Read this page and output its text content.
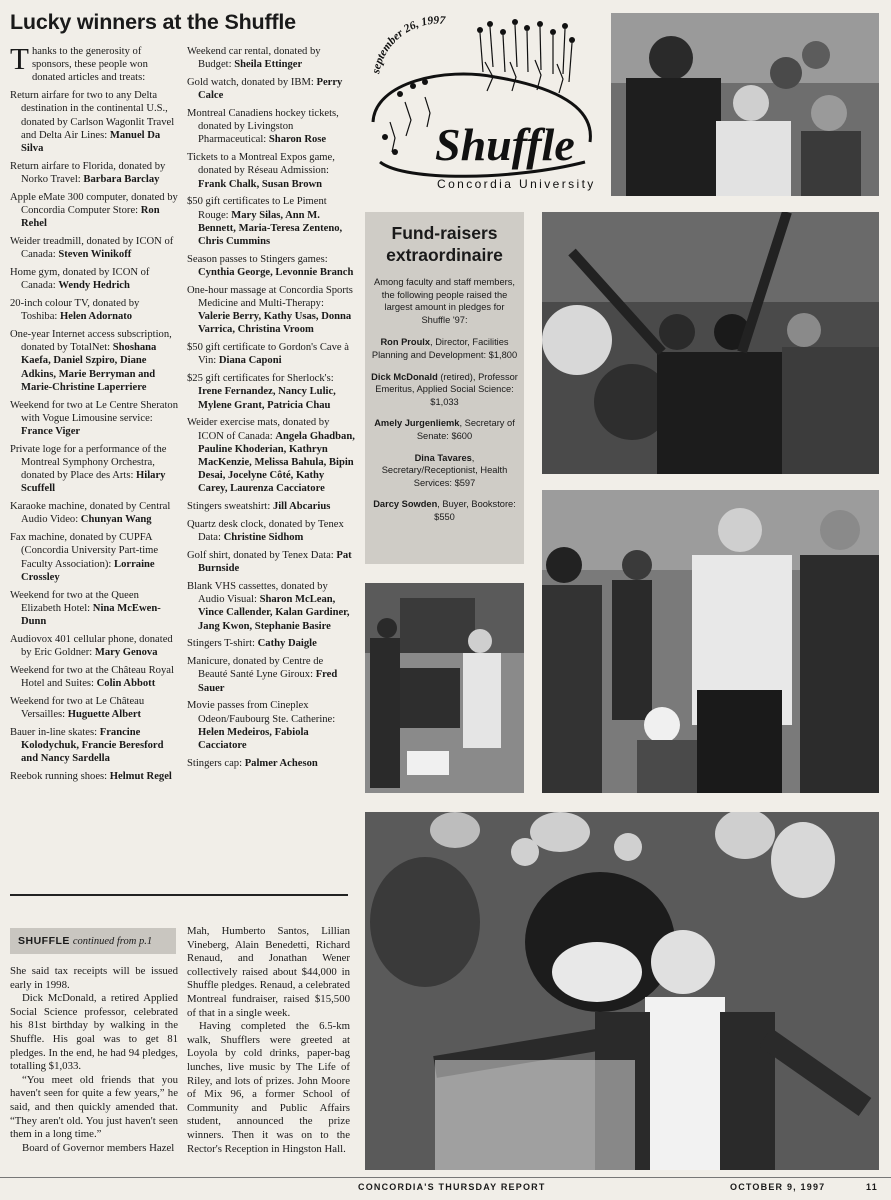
Lucky winners at the Shuffle

Thanks to the generosity of sponsors, these people won donated articles and treats:

Return airfare for two to any Delta destination in the continental U.S., donated by Carlson Wagonlit Travel and Delta Air Lines: Manuel Da Silva

Return airfare to Florida, donated by Norko Travel: Barbara Barclay

Apple eMate 300 computer, donated by Concordia Computer Store: Ron Rehel

Weider treadmill, donated by ICON of Canada: Steven Winikoff

Home gym, donated by ICON of Canada: Wendy Hedrich

20-inch colour TV, donated by Toshiba: Helen Adornato

One-year Internet access subscription, donated by TotalNet: Shoshana Kaefa, Daniel Szpiro, Diane Adkins, Marie Berryman and Marie-Christine Laperriere

Weekend for two at Le Centre Sheraton with Vogue Limousine service: France Viger

Private loge for a performance of the Montreal Symphony Orchestra, donated by Place des Arts: Hilary Scuffell

Karaoke machine, donated by Central Audio Video: Chunyan Wang

Fax machine, donated by CUPFA (Concordia University Part-time Faculty Association): Lorraine Crossley

Weekend for two at the Queen Elizabeth Hotel: Nina McEwen-Dunn

Audiovox 401 cellular phone, donated by Eric Goldner: Mary Genova

Weekend for two at the Château Royal Hotel and Suites: Colin Abbott

Weekend for two at Le Château Versailles: Huguette Albert

Bauer in-line skates: Francine Kolodychuk, Francie Beresford and Nancy Sardella

Reebok running shoes: Helmut Regel

Weekend car rental, donated by Budget: Sheila Ettinger

Gold watch, donated by IBM: Perry Calce

Montreal Canadiens hockey tickets, donated by Livingston Pharmaceutical: Sharon Rose

Tickets to a Montreal Expos game, donated by Réseau Admission: Frank Chalk, Susan Brown

$50 gift certificates to Le Piment Rouge: Mary Silas, Ann M. Bennett, Maria-Teresa Zenteno, Chris Cummins

Season passes to Stingers games: Cynthia George, Levonnie Branch

One-hour massage at Concordia Sports Medicine and Multi-Therapy: Valerie Berry, Kathy Usas, Donna Varrica, Christina Vroom

$50 gift certificate to Gordon's Cave à Vin: Diana Caponi

$25 gift certificates for Sherlock's: Irene Fernandez, Nancy Lulic, Mylene Grant, Patricia Chau

Weider exercise mats, donated by ICON of Canada: Angela Ghadban, Pauline Khoderian, Kathryn MacKenzie, Melissa Bahula, Bipin Desai, Jocelyne Côté, Kathy Carey, Laurenza Cacciatore

Stingers sweatshirt: Jill Abcarius

Quartz desk clock, donated by Tenex Data: Christine Sidhom

Golf shirt, donated by Tenex Data: Pat Burnside

Blank VHS cassettes, donated by Audio Visual: Sharon McLean, Vince Callender, Kalan Gardiner, Jang Kwon, Stephanie Basire

Stingers T-shirt: Cathy Daigle

Manicure, donated by Centre de Beauté Santé Lyne Giroux: Fred Sauer

Movie passes from Cineplex Odeon/Faubourg Ste. Catherine: Helen Medeiros, Fabiola Cacciatore

Stingers cap: Palmer Acheson

SHUFFLE continued from p.1

She said tax receipts will be issued early in 1998.

Dick McDonald, a retired Applied Social Science professor, celebrated his 81st birthday by walking in the Shuffle. His goal was to get 81 pledges. In the end, he had 94 pledges, totalling $1,033.

“You meet old friends that you haven't seen for quite a few years,” he said, and then quickly amended that. “They aren't old. You just haven't seen them in a long time.”

Board of Governor members Hazel

Mah, Humberto Santos, Lillian Vineberg, Alain Benedetti, Richard Renaud, and Jonathan Wener collectively raised about $44,000 in Shuffle pledges. Renaud, a celebrated Montreal fundraiser, raised $15,500 of that in a single week.

Having completed the 6.5-km walk, Shufflers were greeted at Loyola by cold drinks, paper-bag lunches, live music by The Life of Riley, and lots of prizes. John Moore of Mix 96, a former School of Community and Public Affairs student, announced the prize winners. Then it was on to the Rector's Reception in Hingston Hall.

september 26, 1997
Shuffle
Concordia University
Fund-raisers extraordinaire
Among faculty and staff members, the following people raised the largest amount in pledges for Shuffle '97:
Ron Proulx, Director, Facilities Planning and Development: $1,800
Dick McDonald (retired), Professor Emeritus, Applied Social Science: $1,033
Amely Jurgenliemk, Secretary of Senate: $600
Dina Tavares, Secretary/Receptionist, Health Services: $597
Darcy Sowden, Buyer, Bookstore: $550
CONCORDIA'S THURSDAY REPORT	OCTOBER 9, 1997	11
